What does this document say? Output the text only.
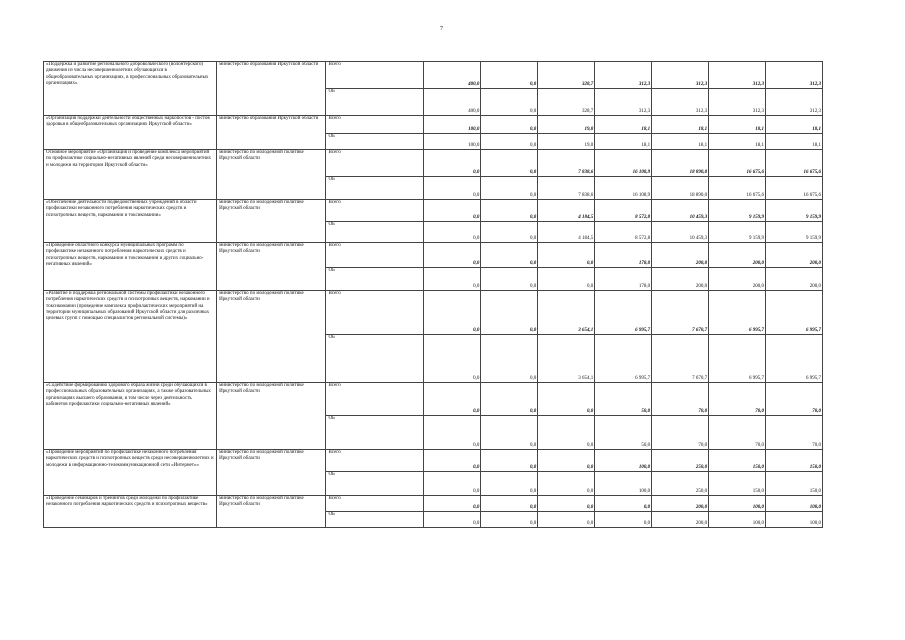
7
«Поддержка и развитие регионального добровольческого (волонтерского) движения из числа несовершеннолетних обучающихся в общеобразовательных организациях, в профессиональных образовательных организациях»	министерство образования Иркутской области	Всего	400,0	0,0	328,7	312,3	312,3	312,3	312,3
		ОБ	400,0	0,0	328,7	312,3	312,3	312,3	312,3
«Организация поддержки деятельности общественных наркопостов - постов здоровья в общеобразовательных организациях Иркутской области»	министерство образования Иркутской области	Всего	100,0	0,0	19,0	18,1	18,1	18,1	18,1
		ОБ	100,0	0,0	19,0	18,1	18,1	18,1	18,1
Основное мероприятие «Организация и проведение комплекса мероприятий по профилактике социально-негативных явлений среди несовершеннолетних и молодежи на территории Иркутской области»	министерство по молодежной политике Иркутской области	Всего	0,0	0,0	7 838,6	16 108,9	18 890,0	16 675,6	16 675,6
		ОБ	0,0	0,0	7 838,6	16 108,9	18 890,0	16 675,6	16 675,6
«Обеспечение деятельности подведомственных учреждений в области профилактики незаконного потребления наркотических средств и психотропных веществ, наркомании и токсикомании»	министерство по молодежной политике Иркутской области	Всего	0,0	0,0	4 184,5	8 572,8	10 459,3	9 159,9	9 159,9
		ОБ	0,0	0,0	4 184,5	8 572,8	10 459,3	9 159,9	9 159,9
«Проведение областного конкурса муниципальных программ по профилактике незаконного потребления наркотических средств и психотропных веществ, наркомании и токсикомании и других социально-негативных явлений»	министерство по молодежной политике Иркутской области	Всего	0,0	0,0	0,0	178,0	200,0	200,0	200,0
		ОБ	0,0	0,0	0,0	178,0	200,0	200,0	200,0
«Развитие и поддержка региональной системы профилактики незаконного потребления наркотических средств и психотропных веществ, наркомании и токсикомании (проведение комплекса профилактических мероприятий на территории муниципальных образований Иркутской области для различных целевых групп с помощью специалистов региональной системы)»	министерство по молодежной политике Иркутской области	Всего	0,0	0,0	3 654,1	6 995,7	7 670,7	6 995,7	6 995,7
		ОБ	0,0	0,0	3 654,1	6 995,7	7 670,7	6 995,7	6 995,7
«Содействие формированию здорового образа жизни среди обучающихся в профессиональных образовательных организациях, а также образовательных организациях высшего образования, в том числе через деятельность кабинетов профилактики социально-негативных явлений»	министерство по молодежной политике Иркутской области	Всего	0,0	0,0	0,0	50,0	70,0	70,0	70,0
		ОБ	0,0	0,0	0,0	50,0	70,0	70,0	70,0
«Проведение мероприятий по профилактике незаконного потребления наркотических средств и психотропных веществ среди несовершеннолетних и молодежи в информационно-телекоммуникационной сети «Интернет»»	министерство по молодежной политике Иркутской области	Всего	0,0	0,0	0,0	100,0	250,0	150,0	150,0
		ОБ	0,0	0,0	0,0	100,0	250,0	150,0	150,0
«Проведение семинаров и тренингов среди молодежи по профилактике незаконного потребления наркотических средств и психотропных веществ»	министерство по молодежной политике Иркутской области	Всего	0,0	0,0	0,0	0,0	200,0	100,0	100,0
		ОБ	0,0	0,0	0,0	0,0	200,0	100,0	100,0
